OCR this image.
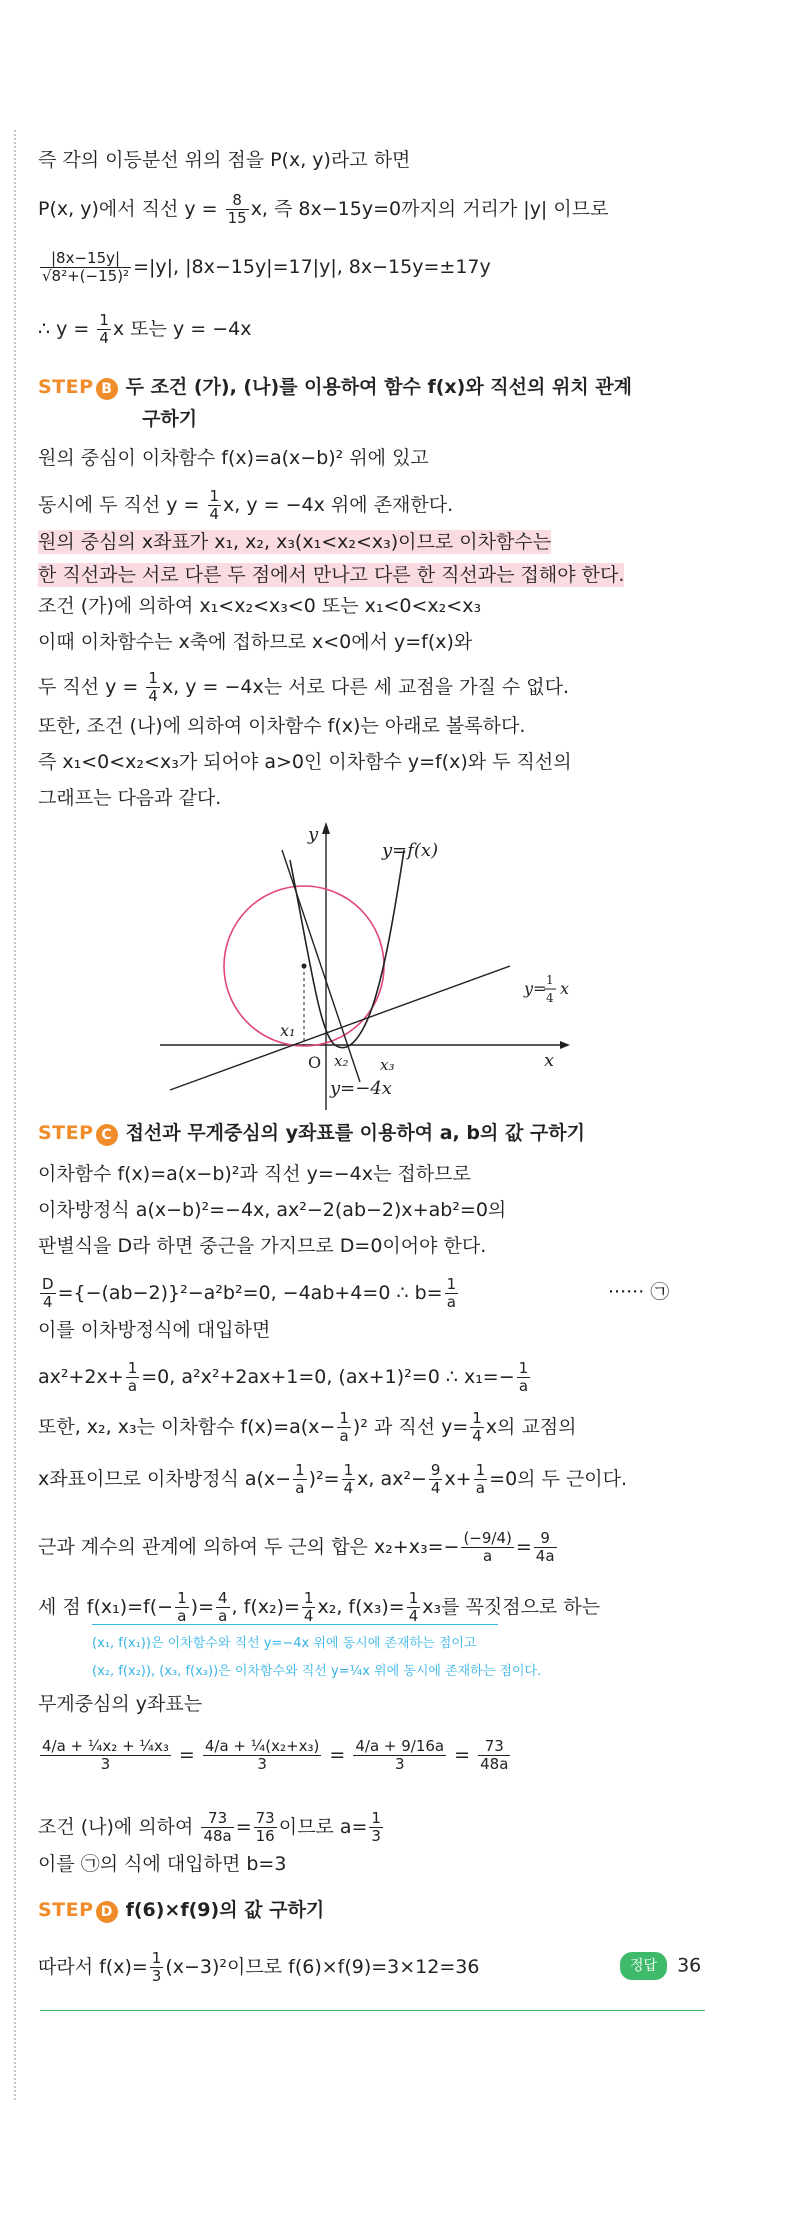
즉 각의 이등분선 위의 점을 P(x, y)라고 하면
P(x, y)에서 직선 $y = \frac{8}{15} x$, 즉 8x−15y=0까지의 거리가 |y| 이므로
$\frac{|8x-15y|}{\text{√8²+(−15)²}} =|y|$, |8x−15y|=17|y|, 8x−15y=±17y
∴ $y = \frac{1}{4}$ x 또는 y = −4x
STEP B 두 조건 (가), (나)를 이용하여 함수 f(x)와 직선의 위치 관계
구하기
원의 중심이 이차함수 f(x)=a(x−b)² 위에 있고
동시에 두 직선 $y = \frac{1}{4} x$, y = −4x 위에 존재한다.
원의 중심의 x좌표가 x₁, x₂, x₃(x₁<x₂<x₃)이므로 이차함수는
한 직선과는 서로 다른 두 점에서 만나고 다른 한 직선과는 접해야 한다.
조건 (가)에 의하여 x₁<x₂<x₃<0 또는 x₁<0<x₂<x₃
이때 이차함수는 x축에 접하므로 x<0에서 y=f(x)와
두 직선 $y = \frac{1}{4} x$, y = −4x는 서로 다른 세 교점을 가질 수 없다.
또한, 조건 (나)에 의하여 이차함수 f(x)는 아래로 볼록하다.
즉 x₁<0<x₂<x₃가 되어야 a>0인 이차함수 y=f(x)와 두 직선의
그래프는 다음과 같다.
STEP C 접선과 무게중심의 y좌표를 이용하여 a, b의 값 구하기
이차함수 f(x)=a(x−b)²과 직선 y=−4x는 접하므로
이차방정식 a(x−b)²=−4x, ax²−2(ab−2)x+ab²=0의
판별식을 D라 하면 중근을 가지므로 D=0이어야 한다.
$\frac{D}{4} =\{-(ab-2)\}^2-a^2b^2=0$, −4ab+4=0 ∴ $b= \frac{1}{a}$	······ ㉠
이를 이차방정식에 대입하면
$ax^2+2x+ \frac{1}{a} =0$, a²x²+2ax+1=0, (ax+1)²=0 ∴ $x_1=- \frac{1}{a}$
또한, x₂, x₃는 이차함수 $f(x)=a(x- \frac{1}{a} )^2$ 과 직선 $y= \frac{1}{4}$ x의 교점의
x좌표이므로 이차방정식 $a(x- \frac{1}{a} )^2= \frac{1}{4} x$, $ax^2- \frac{9}{4} x+ \frac{1}{a} =0$의 두 근이다.
근과 계수의 관계에 의하여 두 근의 합은 $x_2+x_3=- \frac{(-9/4)}{a} = \frac{9}{4a}$
세 점 $f(x_1)=f(- \frac{1}{a}$ )= $\frac{4}{a}$ , $f(x_2)= \frac{1}{4} x_2$, $f(x_3)= \frac{1}{4} x_3$를 꼭짓점으로 하는
(x₁, f(x₁))은 이차함수와 직선 y=−4x 위에 동시에 존재하는 점이고
(x₂, f(x₂)), (x₃, f(x₃))은 이차함수와 직선 y=¼x 위에 동시에 존재하는 점이다.
무게중심의 y좌표는
$\frac{\text{4/a + ¼x₂ + ¼x₃}}{3} = \frac{\text{4/a + ¼(x₂+x₃)}}{3} = \frac{4/a + 9/16a}{3} = \frac{73}{48a}$
조건 (나)에 의하여 $\frac{73}{48a} = \frac{73}{16}$ 이므로 $a= \frac{1}{3}$
이를 ㉠의 식에 대입하면 b=3
STEP D f(6)×f(9)의 값 구하기
따라서 $f(x)= \frac{1}{3} (x-3)^2$이므로 f(6)×f(9)=3×12=36	정답 36
y
x
O
y=f(x)
y= 1
4 x
y=−4x
x₁
x₂ x₃
